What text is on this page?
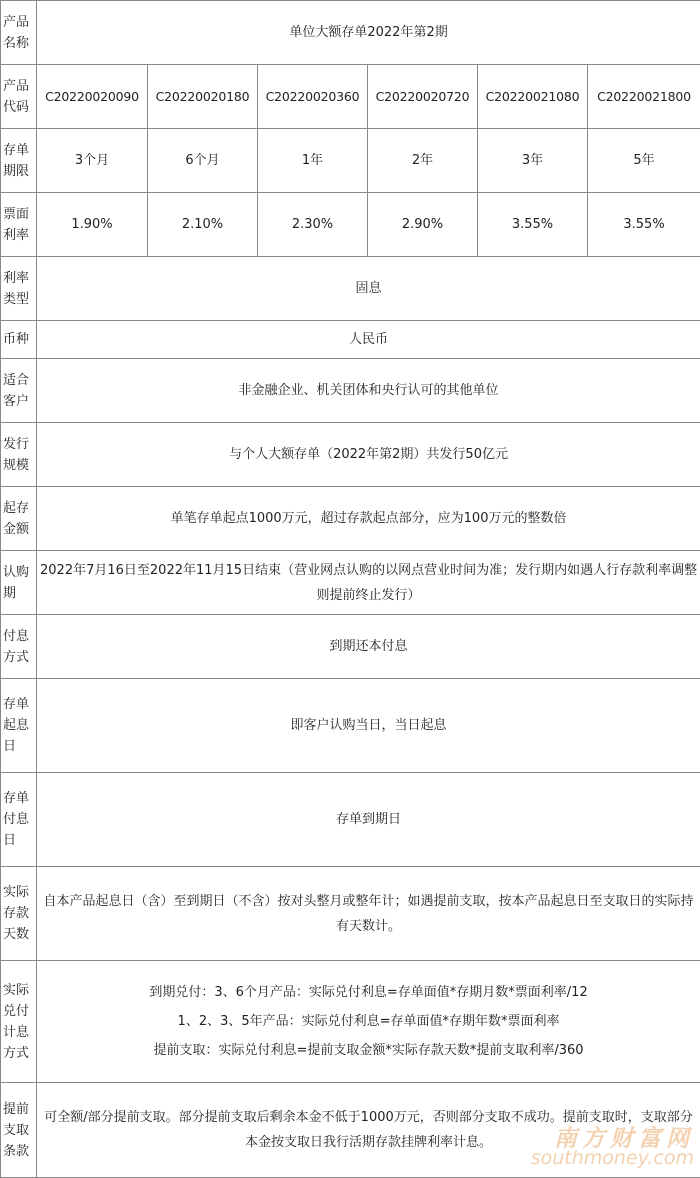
产品名称	单位大额存单2022年第2期					
产品代码	C20220020090	C20220020180	C20220020360	C20220020720	C20220021080	C20220021800
存单期限	3个月	6个月	1年	2年	3年	5年
票面利率	1.90%	2.10%	2.30%	2.90%	3.55%	3.55%
利率类型	固息					
币种	人民币					
适合客户	非金融企业、机关团体和央行认可的其他单位					
发行规模	与个人大额存单（2022年第2期）共发行50亿元					
起存金额	单笔存单起点1000万元，超过存款起点部分，应为100万元的整数倍					
认购期	2022年7月16日至2022年11月15日结束（营业网点认购的以网点营业时间为准；发行期内如遇人行存款利率调整则提前终止发行）					
付息方式	到期还本付息					
存单起息日	即客户认购当日，当日起息					
存单付息日	存单到期日					
实际存款天数	自本产品起息日（含）至到期日（不含）按对头整月或整年计；如遇提前支取，按本产品起息日至支取日的实际持有天数计。					
实际兑付计息方式	到期兑付：3、6个月产品：实际兑付利息=存单面值*存期月数*票面利率/12
1、2、3、5年产品：实际兑付利息=存单面值*存期年数*票面利率
提前支取：实际兑付利息=提前支取金额*实际存款天数*提前支取利率/360					

提前支取条款	可全额/部分提前支取。部分提前支取后剩余本金不低于1000万元，否则部分支取不成功。提前支取时，支取部分本金按支取日我行活期存款挂牌利率计息。						南方财富网
southmoney.com
